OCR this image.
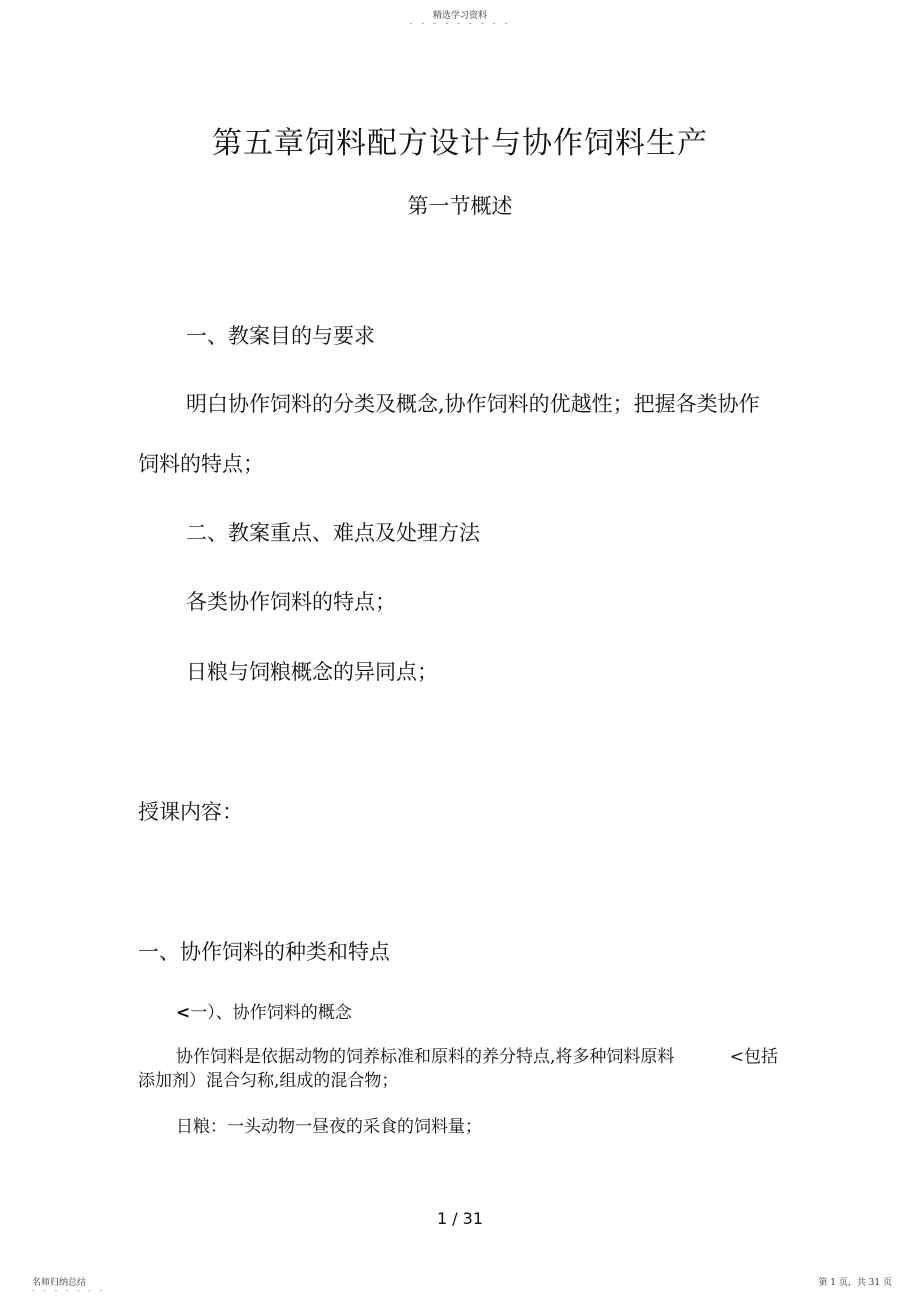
精选学习资料
- - - - - - - - -
第五章饲料配方设计与协作饲料生产
第一节概述
一、教案目的与要求
明白协作饲料的分类及概念,协作饲料的优越性；把握各类协作
饲料的特点；
二、教案重点、难点及处理方法
各类协作饲料的特点；
日粮与饲粮概念的异同点；
授课内容：
一、协作饲料的种类和特点
<一）、协作饲料的概念
协作饲料是依据动物的饲养标准和原料的养分特点,将多种饲料原料	<包括
添加剂）混合匀称,组成的混合物；
日粮：一头动物一昼夜的采食的饲料量；
1 / 31
名师归纳总结
- - - - - - -
第 1 页，共 31 页
